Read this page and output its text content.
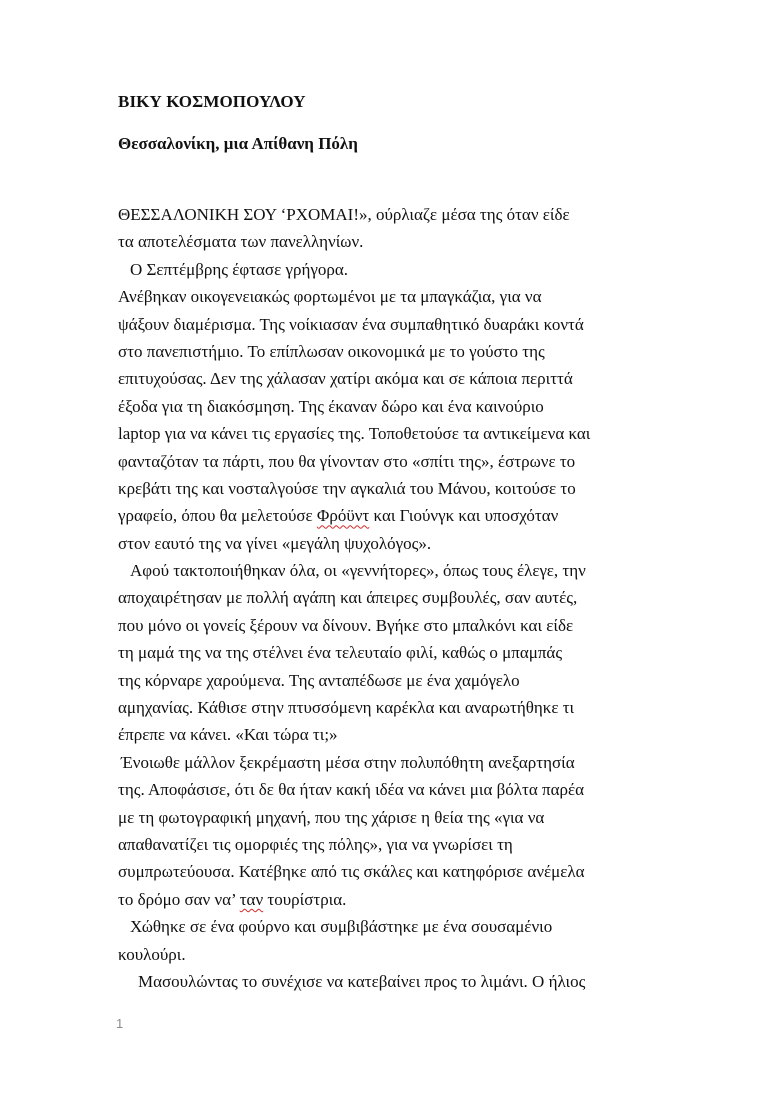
ΒΙΚΥ ΚΟΣΜΟΠΟΥΛΟΥ
Θεσσαλονίκη, μια Απίθανη Πόλη
ΘΕΣΣΑΛΟΝΙΚΗ ΣΟΥ ‘ΡΧΟΜΑΙ!», ούρλιαζε μέσα της όταν είδε
τα αποτελέσματα των πανελληνίων.
Ο Σεπτέμβρης έφτασε γρήγορα.
Ανέβηκαν οικογενειακώς φορτωμένοι με τα μπαγκάζια, για να
ψάξουν διαμέρισμα. Της νοίκιασαν ένα συμπαθητικό δυαράκι κοντά
στο πανεπιστήμιο. Το επίπλωσαν οικονομικά με το γούστο της
επιτυχούσας. Δεν της χάλασαν χατίρι ακόμα και σε κάποια περιττά
έξοδα για τη διακόσμηση. Της έκαναν δώρο και ένα καινούριο
laptop για να κάνει τις εργασίες της. Τοποθετούσε τα αντικείμενα και
φανταζόταν τα πάρτι, που θα γίνονταν στο «σπίτι της», έστρωνε το
κρεβάτι της και νοσταλγούσε την αγκαλιά του Μάνου, κοιτούσε το
γραφείο, όπου θα μελετούσε Φρόϋντ και Γιούνγκ και υποσχόταν
στον εαυτό της να γίνει «μεγάλη ψυχολόγος».
Αφού τακτοποιήθηκαν όλα, οι «γεννήτορες», όπως τους έλεγε, την
αποχαιρέτησαν με πολλή αγάπη και άπειρες συμβουλές, σαν αυτές,
που μόνο οι γονείς ξέρουν να δίνουν. Βγήκε στο μπαλκόνι και είδε
τη μαμά της να της στέλνει ένα τελευταίο φιλί, καθώς ο μπαμπάς
της κόρναρε χαρούμενα. Της ανταπέδωσε με ένα χαμόγελο
αμηχανίας. Κάθισε στην πτυσσόμενη καρέκλα και αναρωτήθηκε τι
έπρεπε να κάνει. «Και τώρα τι;»
Ένοιωθε μάλλον ξεκρέμαστη μέσα στην πολυπόθητη ανεξαρτησία
της. Αποφάσισε, ότι δε θα ήταν κακή ιδέα να κάνει μια βόλτα παρέα
με τη φωτογραφική μηχανή, που της χάρισε η θεία της «για να
απαθανατίζει τις ομορφιές της πόλης», για να γνωρίσει τη
συμπρωτεύουσα. Κατέβηκε από τις σκάλες και κατηφόρισε ανέμελα
το δρόμο σαν να’ ταν τουρίστρια.
Χώθηκε σε ένα φούρνο και συμβιβάστηκε με ένα σουσαμένιο
κουλούρι.
Μασουλώντας το συνέχισε να κατεβαίνει προς το λιμάνι. Ο ήλιος
1
